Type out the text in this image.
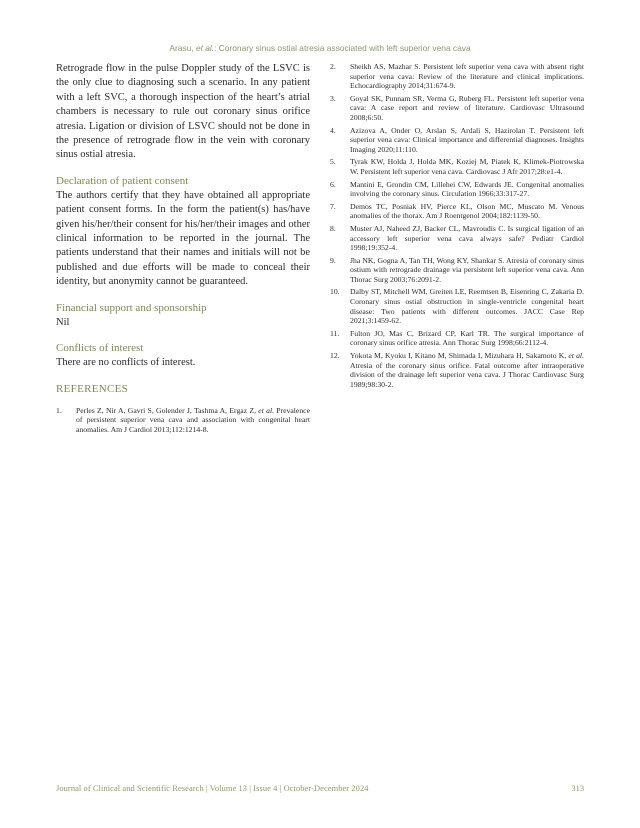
Arasu, et al.: Coronary sinus ostial atresia associated with left superior vena cava

Retrograde flow in the pulse Doppler study of the LSVC is the only clue to diagnosing such a scenario. In any patient with a left SVC, a thorough inspection of the heart’s atrial chambers is necessary to rule out coronary sinus orifice atresia. Ligation or division of LSVC should not be done in the presence of retrograde flow in the vein with coronary sinus ostial atresia.

Declaration of patient consent

The authors certify that they have obtained all appropriate patient consent forms. In the form the patient(s) has/have given his/her/their consent for his/her/their images and other clinical information to be reported in the journal. The patients understand that their names and initials will not be published and due efforts will be made to conceal their identity, but anonymity cannot be guaranteed.

Financial support and sponsorship

Nil

Conflicts of interest

There are no conflicts of interest.

REFERENCES
1.	Perles Z, Nir A, Gavri S, Golender J, Tashma A, Ergaz Z, et al. Prevalence of persistent superior vena cava and association with congenital heart anomalies. Am J Cardiol 2013;112:1214-8.
2.	Sheikh AS, Mazhar S. Persistent left superior vena cava with absent right superior vena cava: Review of the literature and clinical implications. Echocardiography 2014;31:674-9.
3.	Goyal SK, Punnam SR, Verma G, Ruberg FL. Persistent left superior vena cava: A case report and review of literature. Cardiovasc Ultrasound 2008;6:50.
4.	Azizova A, Onder O, Arslan S, Ardali S, Hazirolan T. Persistent left superior vena cava: Clinical importance and differential diagnoses. Insights Imaging 2020;11:110.
5.	Tyrak KW, Holda J, Holda MK, Koziej M, Piatek K, Klimek-Piotrowska W. Persistent left superior vena cava. Cardiovasc J Afr 2017;28:e1-4.
6.	Mantini E, Grondin CM, Lillehei CW, Edwards JE. Congenital anomalies involving the coronary sinus. Circulation 1966;33:317-27.
7.	Demos TC, Posniak HV, Pierce KL, Olson MC, Muscato M. Venous anomalies of the thorax. Am J Roentgenol 2004;182:1139-50.
8.	Muster AJ, Naheed ZJ, Backer CL, Mavroudis C. Is surgical ligation of an accessory left superior vena cava always safe? Pediatr Cardiol 1998;19:352-4.
9.	Jha NK, Gogna A, Tan TH, Wong KY, Shankar S. Atresia of coronary sinus ostium with retrograde drainage via persistent left superior vena cava. Ann Thorac Surg 2003;76:2091-2.
10.	Dalby ST, Mitchell WM, Greiten LE, Reemtsen B, Eisenring C, Zakaria D. Coronary sinus ostial obstruction in single-ventricle congenital heart disease: Two patients with different outcomes. JACC Case Rep 2021;3:1459-62.
11.	Fulton JO, Mas C, Brizard CP, Karl TR. The surgical importance of coronary sinus orifice atresia. Ann Thorac Surg 1998;66:2112-4.
12.	Yokota M, Kyoku I, Kitano M, Shimada I, Mizuhara H, Sakamoto K, et al. Atresia of the coronary sinus orifice. Fatal outcome after intraoperative division of the drainage left superior vena cava. J Thorac Cardiovasc Surg 1989;98:30-2.
Journal of Clinical and Scientific Research | Volume 13 | Issue 4 | October-December 2024	313
